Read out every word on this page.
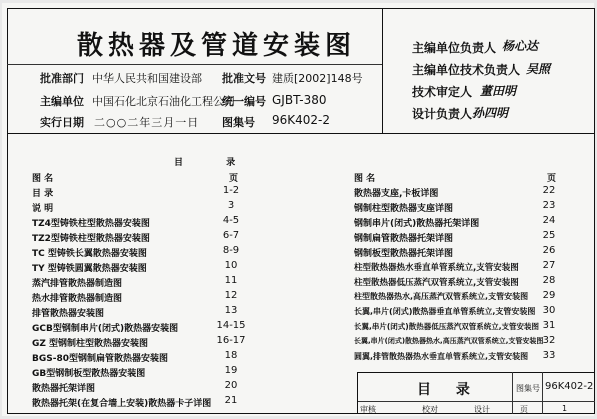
散热器及管道安装图
批准部门 中华人民共和国建设部 批准文号 建质[2002]148号
主编单位 中国石化北京石油化工程公司
统一编号 GJBT-380
实行日期 二○○二年三月一日 图集号 96K402-2
主编单位负责人 杨心达
主编单位技术负责人 吴照
技术审定人 董田明
设计负责人 孙四明
目 录
图 名	页	图 名	页
目 录	1-2
说 明	3
TZ4型铸铁柱型散热器安装图	4-5
TZ2型铸铁柱型散热器安装图	6-7
TC 型铸铁长翼散热器安装图	8-9
TY 型铸铁圆翼散热器安装图	10
蒸汽排管散热器制造图	11
热水排管散热器制造图	12
排管散热器安装图	13
GCB型钢制串片(闭式)散热器安装图	14-15
GZ 型钢制柱型散热器安装图	16-17
BGS-80型钢制扁管散热器安装图	18
GB型钢制板型散热器安装图	19
散热器托架详图	20
散热器托架(在复合墙上安装)散热器卡子详图	21
散热器支座,卡板详图	22
钢制柱型散热器支座详图	23
钢制串片(闭式)散热器托架详图	24
钢制扁管散热器托架详图	25
钢制板型散热器托架详图	26
柱型散热器热水垂直单管系统立,支管安装图	27
柱型散热器低压蒸汽双管系统立,支管安装图	28
柱型散热器热水,高压蒸汽双管系统立,支管安装图	29
长翼,串片(闭式)散热器垂直单管系统立,支管安装图 30
长翼,串片(闭式)散热器低压蒸汽双管系统立,支管安装图 31
长翼,串片(闭式)散热器热水,高压蒸汽双管系统立,支管安装图 32
圆翼,排管散热器热水垂直单管系统立,支管安装图	33
目 录	图集号 96K402-2
审核	校对	设计	页	1
